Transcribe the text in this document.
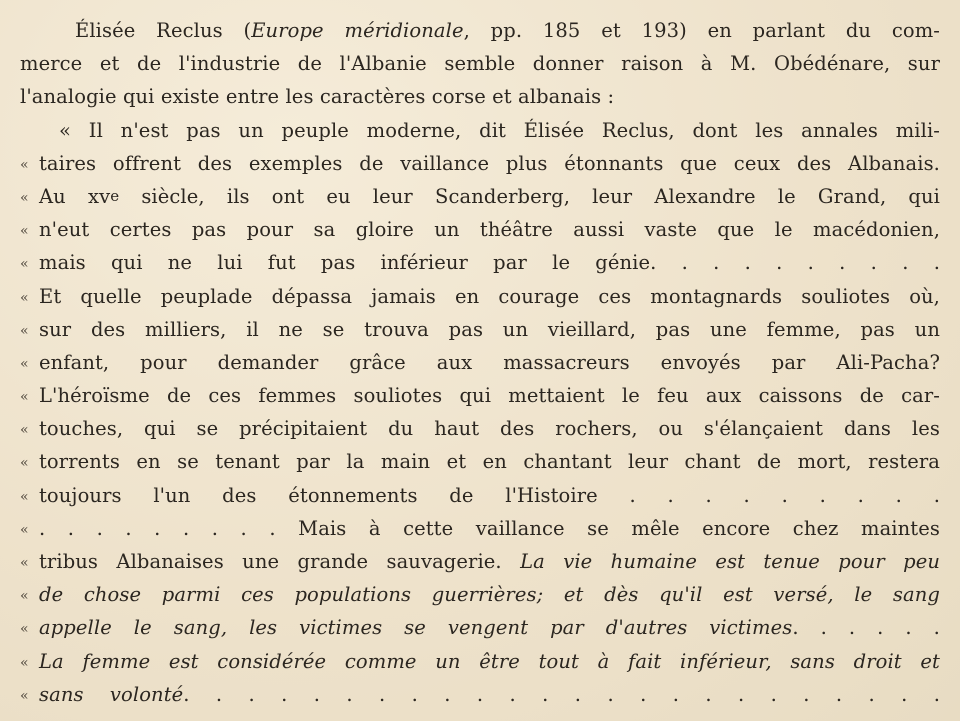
Élisée Reclus (Europe méridionale, pp. 185 et 193) en parlant du com-
merce et de l'industrie de l'Albanie semble donner raison à M. Obédénare, sur
l'analogie qui existe entre les caractères corse et albanais :
« Il n'est pas un peuple moderne, dit Élisée Reclus, dont les annales mili-
« taires offrent des exemples de vaillance plus étonnants que ceux des Albanais.
« Au xve siècle, ils ont eu leur Scanderberg, leur Alexandre le Grand, qui
« n'eut certes pas pour sa gloire un théâtre aussi vaste que le macédonien,
« mais qui ne lui fut pas inférieur par le génie. . . . . . . . . .
« Et quelle peuplade dépassa jamais en courage ces montagnards souliotes où,
« sur des milliers, il ne se trouva pas un vieillard, pas une femme, pas un
« enfant, pour demander grâce aux massacreurs envoyés par Ali-Pacha?
« L'héroïsme de ces femmes souliotes qui mettaient le feu aux caissons de car-
« touches, qui se précipitaient du haut des rochers, ou s'élançaient dans les
« torrents en se tenant par la main et en chantant leur chant de mort, restera
« toujours l'un des étonnements de l'Histoire . . . . . . . . .
« . . . . . . . . . Mais à cette vaillance se mêle encore chez maintes
« tribus Albanaises une grande sauvagerie. La vie humaine est tenue pour peu
« de chose parmi ces populations guerrières; et dès qu'il est versé, le sang
« appelle le sang, les victimes se vengent par d'autres victimes. . . . . .
« La femme est considérée comme un être tout à fait inférieur, sans droit et
« sans volonté. . . . . . . . . . . . . . . . . . . . . . . .
